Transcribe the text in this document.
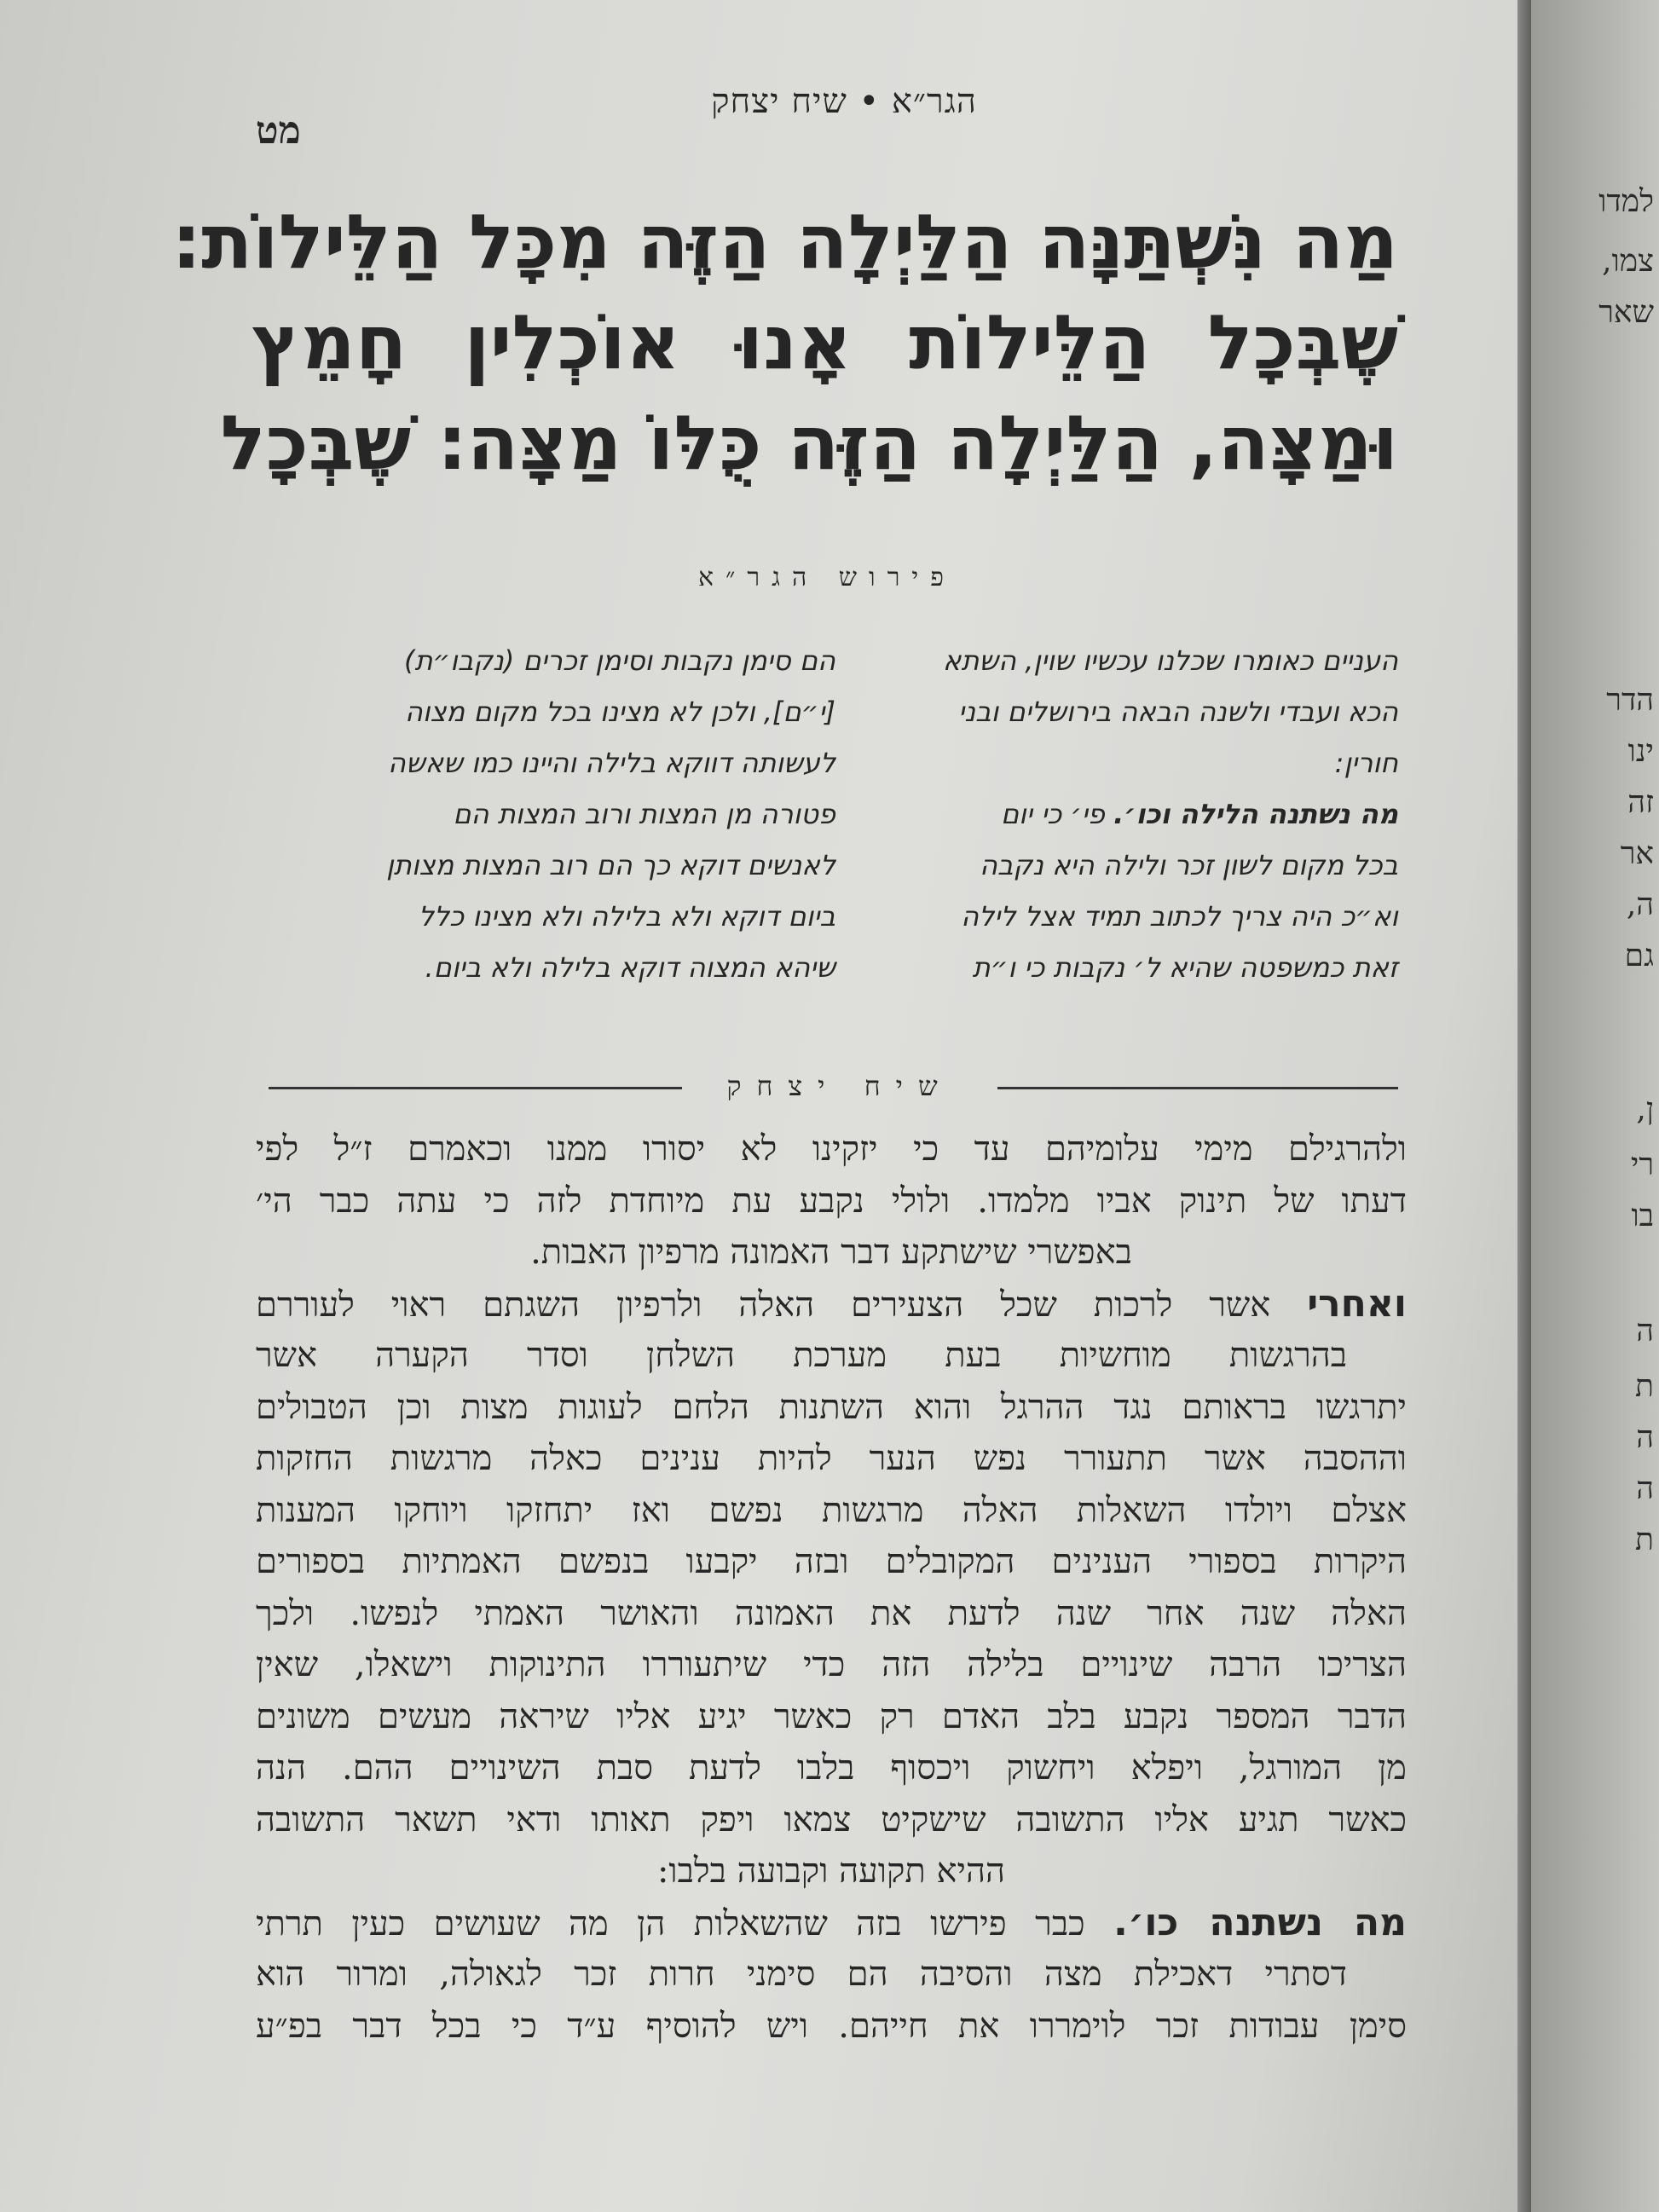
הגר״א • שיח יצחק
מט
מַה נִּשְׁתַּנָּה הַלַּיְלָה הַזֶּה מִכָּל הַלֵּילוֹת:
שֶׁבְּכָל הַלֵּילוֹת אָנוּ אוֹכְלִין חָמֵץ
וּמַצָּה, הַלַּיְלָה הַזֶּה כֻּלּוֹ מַצָּה: שֶׁבְּכָל
פירוש הגר״א
העניים כאומרו שכלנו עכשיו שוין, השתא
הכא ועבדי ולשנה הבאה בירושלים ובני
חורין:
מה נשתנה הלילה וכו׳. פי׳ כי יום
בכל מקום לשון זכר ולילה היא נקבה
וא״כ היה צריך לכתוב תמיד אצל לילה
זאת כמשפטה שהיא ל׳ נקבות כי ו״ת
הם סימן נקבות וסימן זכרים (נקבו״ת)
[י״ם], ולכן לא מצינו בכל מקום מצוה
לעשותה דווקא בלילה והיינו כמו שאשה
פטורה מן המצות ורוב המצות הם
לאנשים דוקא כך הם רוב המצות מצותן
ביום דוקא ולא בלילה ולא מצינו כלל
שיהא המצוה דוקא בלילה ולא ביום.
שיח יצחק
ולהרגילם מימי עלומיהם עד כי יזקינו לא יסורו ממנו וכאמרם ז״ל לפי
דעתו של תינוק אביו מלמדו. ולולי נקבע עת מיוחדת לזה כי עתה כבר הי׳
באפשרי שישתקע דבר האמונה מרפיון האבות.
ואחרי אשר לרכות שכל הצעירים האלה ולרפיון השגתם ראוי לעוררם
בהרגשות מוחשיות בעת מערכת השלחן וסדר הקערה אשר
יתרגשו בראותם נגד ההרגל והוא השתנות הלחם לעוגות מצות וכן הטבולים
וההסבה אשר תתעורר נפש הנער להיות ענינים כאלה מרגשות החזקות
אצלם ויולדו השאלות האלה מרגשות נפשם ואז יתחזקו ויוחקו המענות
היקרות בספורי הענינים המקובלים ובזה יקבעו בנפשם האמתיות בספורים
האלה שנה אחר שנה לדעת את האמונה והאושר האמתי לנפשו. ולכך
הצריכו הרבה שינויים בלילה הזה כדי שיתעוררו התינוקות וישאלו, שאין
הדבר המספר נקבע בלב האדם רק כאשר יגיע אליו שיראה מעשים משונים
מן המורגל, ויפלא ויחשוק ויכסוף בלבו לדעת סבת השינויים ההם. הנה
כאשר תגיע אליו התשובה שישקיט צמאו ויפק תאותו ודאי תשאר התשובה
ההיא תקועה וקבועה בלבו:
מה נשתנה כו׳. כבר פירשו בזה שהשאלות הן מה שעושים כעין תרתי
דסתרי דאכילת מצה והסיבה הם סימני חרות זכר לגאולה, ומרור הוא
סימן עבודות זכר לוימררו את חייהם. ויש להוסיף ע״ד כי בכל דבר בפ״ע
למדו
צמו,
שאר
הדר
ינו
זה
אר
ה,
גם
ן,
רי
בו
ה
ת
ה
ה
ת
